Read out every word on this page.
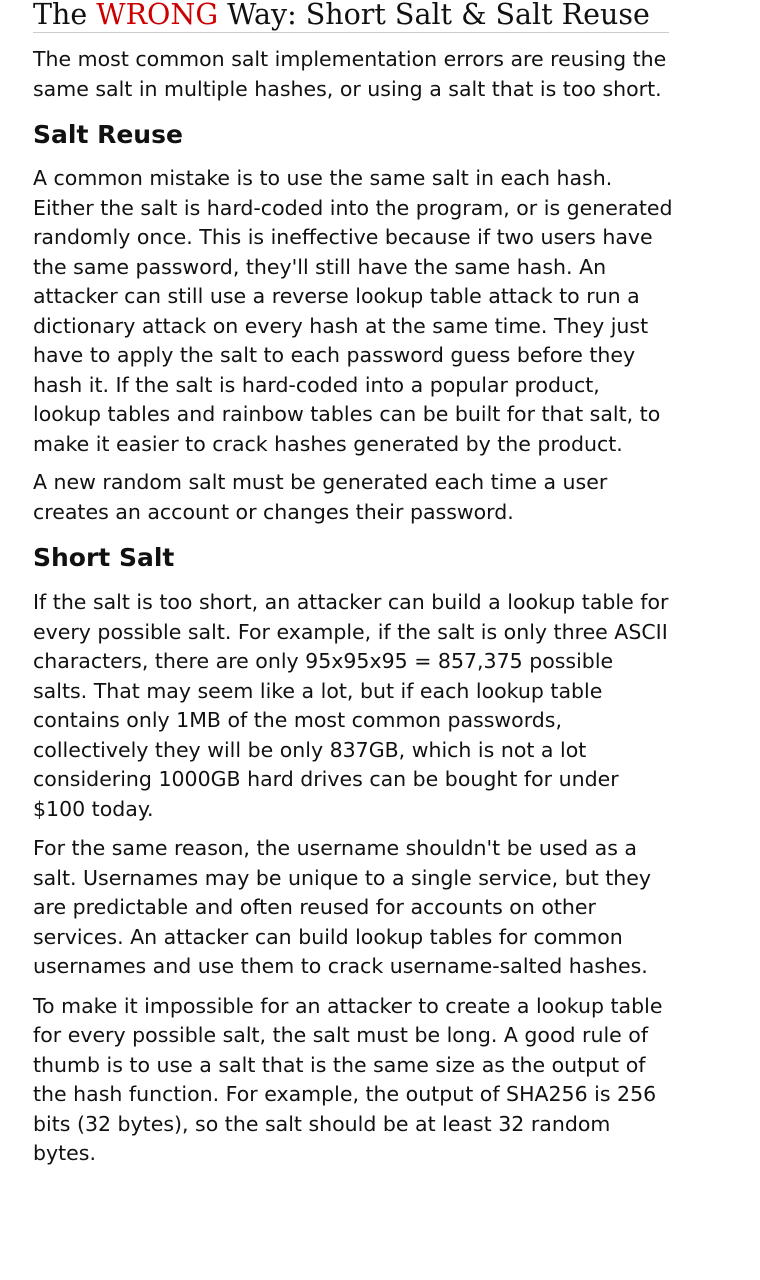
The WRONG Way: Short Salt & Salt Reuse

The most common salt implementation errors are reusing the same salt in multiple hashes, or using a salt that is too short.

Salt Reuse

A common mistake is to use the same salt in each hash. Either the salt is hard-coded into the program, or is generated randomly once. This is ineffective because if two users have the same password, they'll still have the same hash. An attacker can still use a reverse lookup table attack to run a dictionary attack on every hash at the same time. They just have to apply the salt to each password guess before they hash it. If the salt is hard-coded into a popular product, lookup tables and rainbow tables can be built for that salt, to make it easier to crack hashes generated by the product.

A new random salt must be generated each time a user creates an account or changes their password.

Short Salt

If the salt is too short, an attacker can build a lookup table for every possible salt. For example, if the salt is only three ASCII characters, there are only 95x95x95 = 857,375 possible salts. That may seem like a lot, but if each lookup table contains only 1MB of the most common passwords, collectively they will be only 837GB, which is not a lot considering 1000GB hard drives can be bought for under $100 today.

For the same reason, the username shouldn't be used as a salt. Usernames may be unique to a single service, but they are predictable and often reused for accounts on other services. An attacker can build lookup tables for common usernames and use them to crack username-salted hashes.

To make it impossible for an attacker to create a lookup table for every possible salt, the salt must be long. A good rule of thumb is to use a salt that is the same size as the output of the hash function. For example, the output of SHA256 is 256 bits (32 bytes), so the salt should be at least 32 random bytes.
